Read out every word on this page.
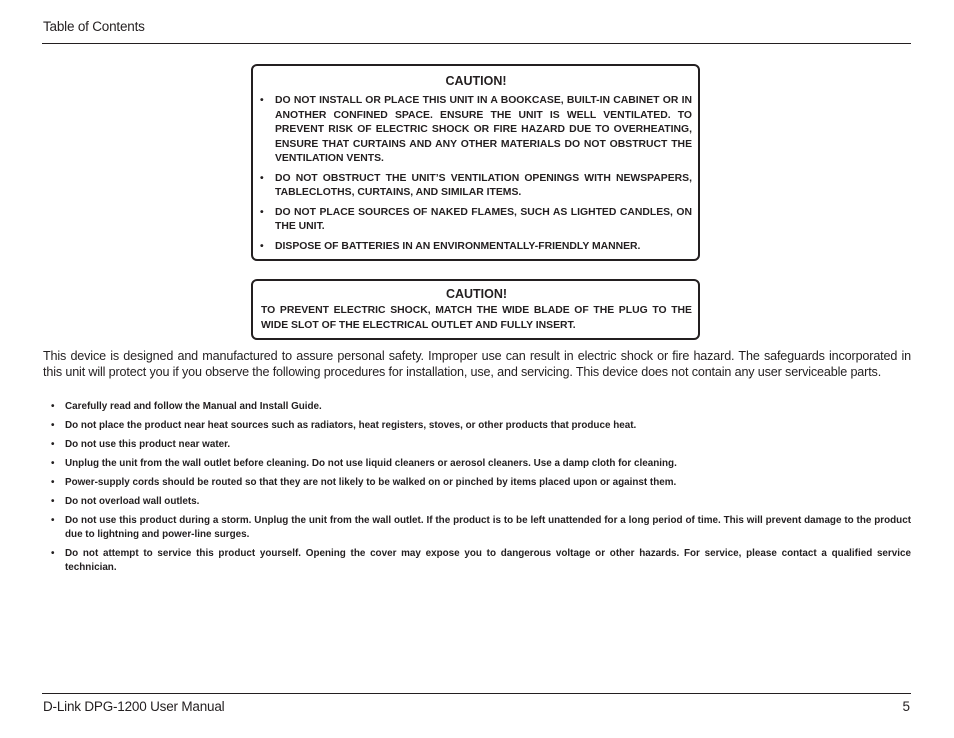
Table of Contents
CAUTION!
• DO NOT INSTALL OR PLACE THIS UNIT IN A BOOKCASE, BUILT-IN CABINET OR IN ANOTHER CONFINED SPACE. ENSURE THE UNIT IS WELL VENTILATED. TO PREVENT RISK OF ELECTRIC SHOCK OR FIRE HAZARD DUE TO OVERHEATING, ENSURE THAT CURTAINS AND ANY OTHER MATERIALS DO NOT OBSTRUCT THE VENTILATION VENTS.
• DO NOT OBSTRUCT THE UNIT’S VENTILATION OPENINGS WITH NEWSPAPERS, TABLECLOTHS, CURTAINS, AND SIMILAR ITEMS.
• DO NOT PLACE SOURCES OF NAKED FLAMES, SUCH AS LIGHTED CANDLES, ON THE UNIT.
• DISPOSE OF BATTERIES IN AN ENVIRONMENTALLY-FRIENDLY MANNER.
CAUTION!
TO PREVENT ELECTRIC SHOCK, MATCH THE WIDE BLADE OF THE PLUG TO THE WIDE SLOT OF THE ELECTRICAL OUTLET AND FULLY INSERT.
This device is designed and manufactured to assure personal safety. Improper use can result in electric shock or fire hazard. The safeguards incorporated in this unit will protect you if you observe the following procedures for installation, use, and servicing. This device does not contain any user serviceable parts.
• Carefully read and follow the Manual and Install Guide.
• Do not place the product near heat sources such as radiators, heat registers, stoves, or other products that produce heat.
• Do not use this product near water.
• Unplug the unit from the wall outlet before cleaning. Do not use liquid cleaners or aerosol cleaners. Use a damp cloth for cleaning.
• Power-supply cords should be routed so that they are not likely to be walked on or pinched by items placed upon or against them.
• Do not overload wall outlets.
• Do not use this product during a storm. Unplug the unit from the wall outlet. If the product is to be left unattended for a long period of time. This will prevent damage to the product due to lightning and power-line surges.
• Do not attempt to service this product yourself. Opening the cover may expose you to dangerous voltage or other hazards. For service, please contact a qualified service technician.
D-Link DPG-1200 User Manual	5
